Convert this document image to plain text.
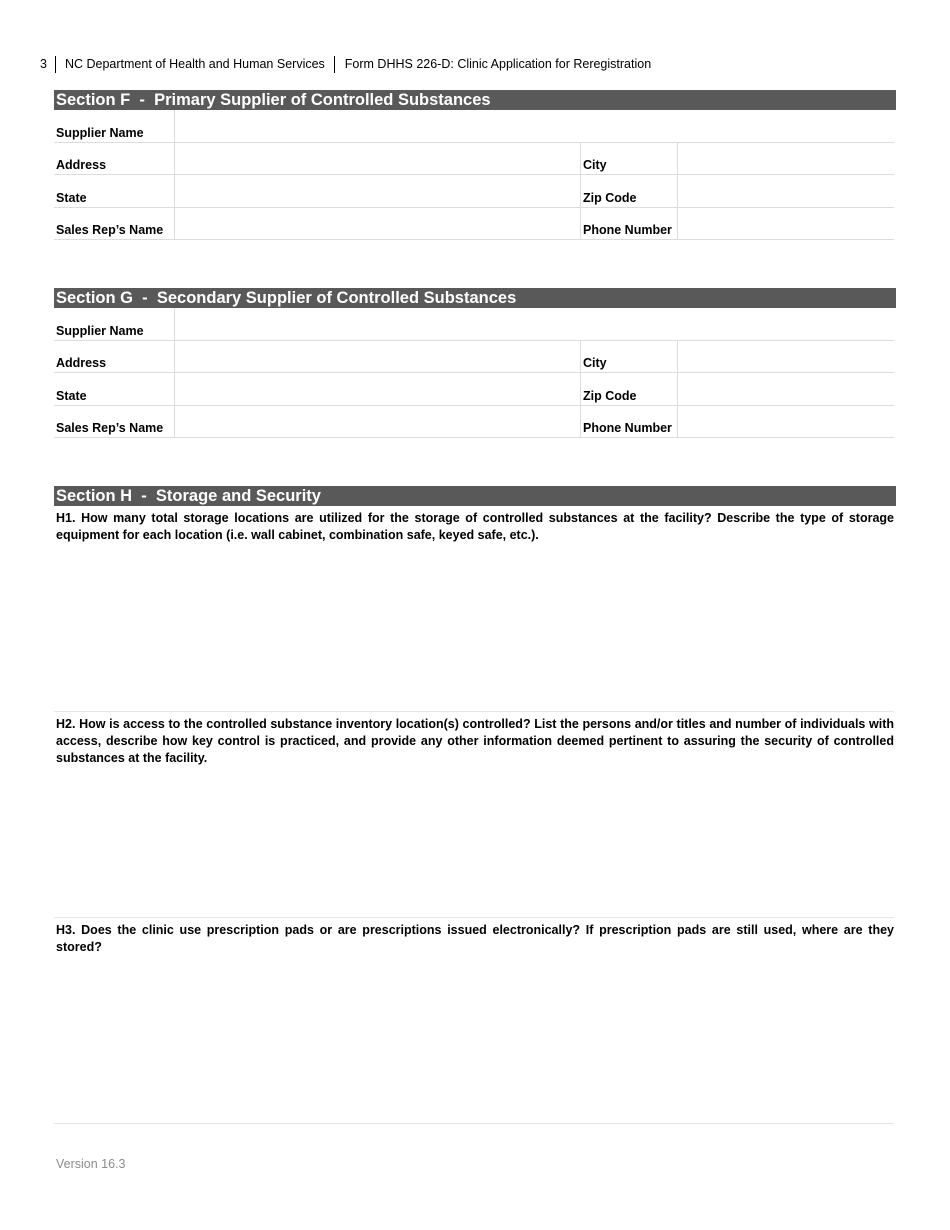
3	NC Department of Health and Human Services	Form DHHS 226-D: Clinic Application for Reregistration
Section F  -  Primary Supplier of Controlled Substances
Supplier Name
Address	City
State	Zip Code
Sales Rep’s Name	Phone Number
Section G  -  Secondary Supplier of Controlled Substances
Supplier Name
Address	City
State	Zip Code
Sales Rep’s Name	Phone Number
Section H  -  Storage and Security

H1. How many total storage locations are utilized for the storage of controlled substances at the facility? Describe the type of storage equipment for each location (i.e. wall cabinet, combination safe, keyed safe, etc.).

H2. How is access to the controlled substance inventory location(s) controlled? List the persons and/or titles and number of individuals with access, describe how key control is practiced, and provide any other information deemed pertinent to assuring the security of controlled substances at the facility.

H3. Does the clinic use prescription pads or are prescriptions issued electronically? If prescription pads are still used, where are they stored?

Version 16.3
